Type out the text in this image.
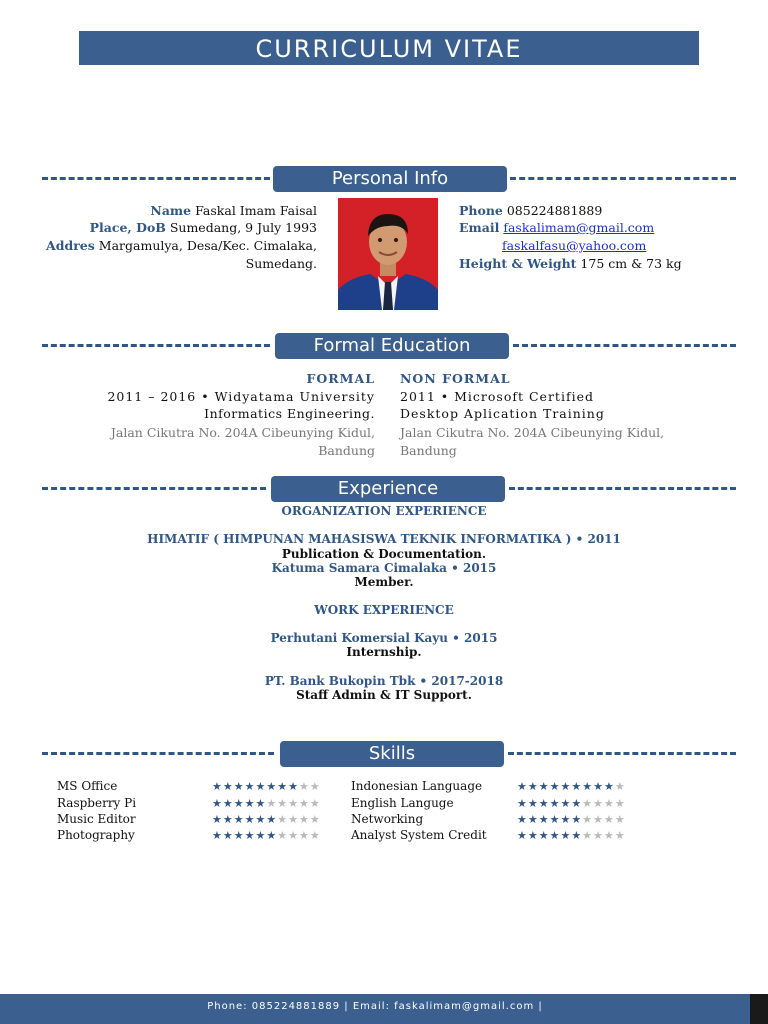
CURRICULUM VITAE
Personal Info
Name Faskal Imam Faisal
Place, DoB Sumedang, 9 July 1993
Addres Margamulya, Desa/Kec. Cimalaka,
Sumedang.
Phone 085224881889
Email faskalimam@gmail.com
faskalfasu@yahoo.com
Height & Weight 175 cm & 73 kg
Formal Education
FORMAL
2011 – 2016 • Widyatama University
Informatics Engineering.
Jalan Cikutra No. 204A Cibeunying Kidul,
Bandung
NON FORMAL
2011 • Microsoft Certified
Desktop Aplication Training
Jalan Cikutra No. 204A Cibeunying Kidul,
Bandung
Experience
ORGANIZATION EXPERIENCE
HIMATIF ( HIMPUNAN MAHASISWA TEKNIK INFORMATIKA ) • 2011
Publication & Documentation.
Katuma Samara Cimalaka • 2015
Member.
WORK EXPERIENCE
Perhutani Komersial Kayu • 2015
Internship.
PT. Bank Bukopin Tbk • 2017-2018
Staff Admin & IT Support.
Skills
MS Office	★★★★★★★★★★
Raspberry Pi	★★★★★★★★★★
Music Editor	★★★★★★★★★★
Photography	★★★★★★★★★★
Indonesian Language	★★★★★★★★★★
English Languge	★★★★★★★★★★
Networking	★★★★★★★★★★
Analyst System Credit	★★★★★★★★★★
Phone: 085224881889 | Email: faskalimam@gmail.com |
